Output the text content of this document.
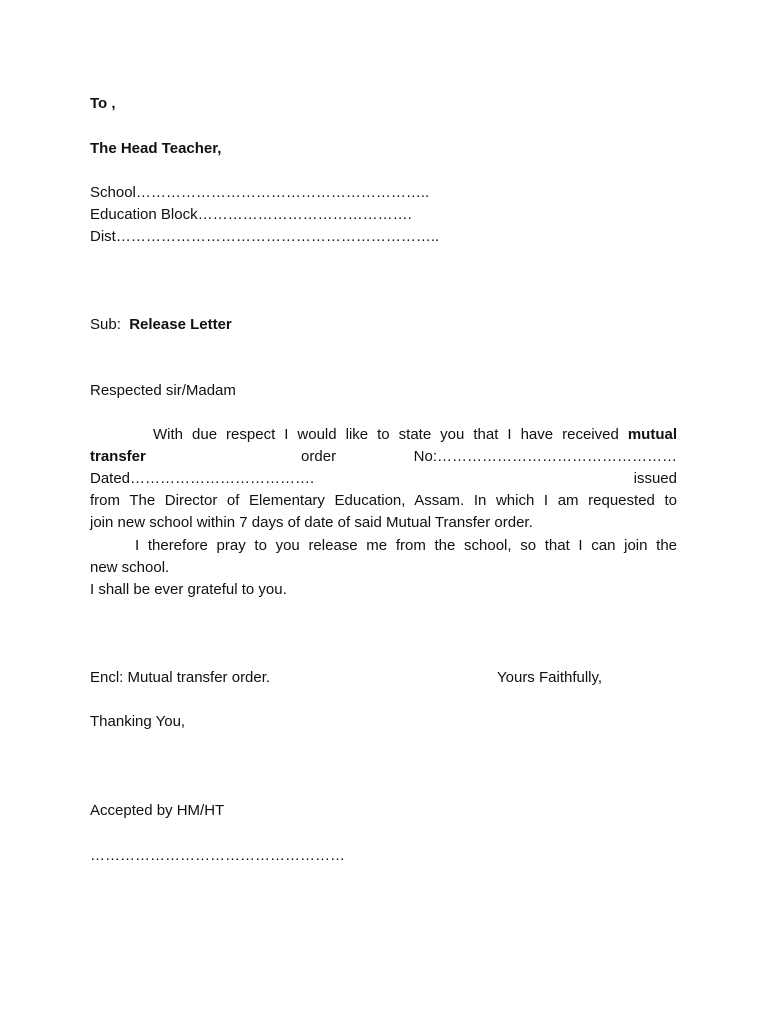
To ,
The Head Teacher,
School…………………………………………………..
Education Block…………………………………….
Dist………………………………………………………..
Sub: Release Letter
Respected sir/Madam
With due respect I would like to state you that I have received mutual
transfer	order No:…………………………………………Dated………………………………. issued
from The Director of Elementary Education, Assam. In which I am requested to
join new school within 7 days of date of said Mutual Transfer order.
I therefore pray to you release me from the school, so that I can join the
new school.
I shall be ever grateful to you.
Encl: Mutual transfer order.	Yours Faithfully,
Thanking You,
Accepted by HM/HT
……………………………………………
